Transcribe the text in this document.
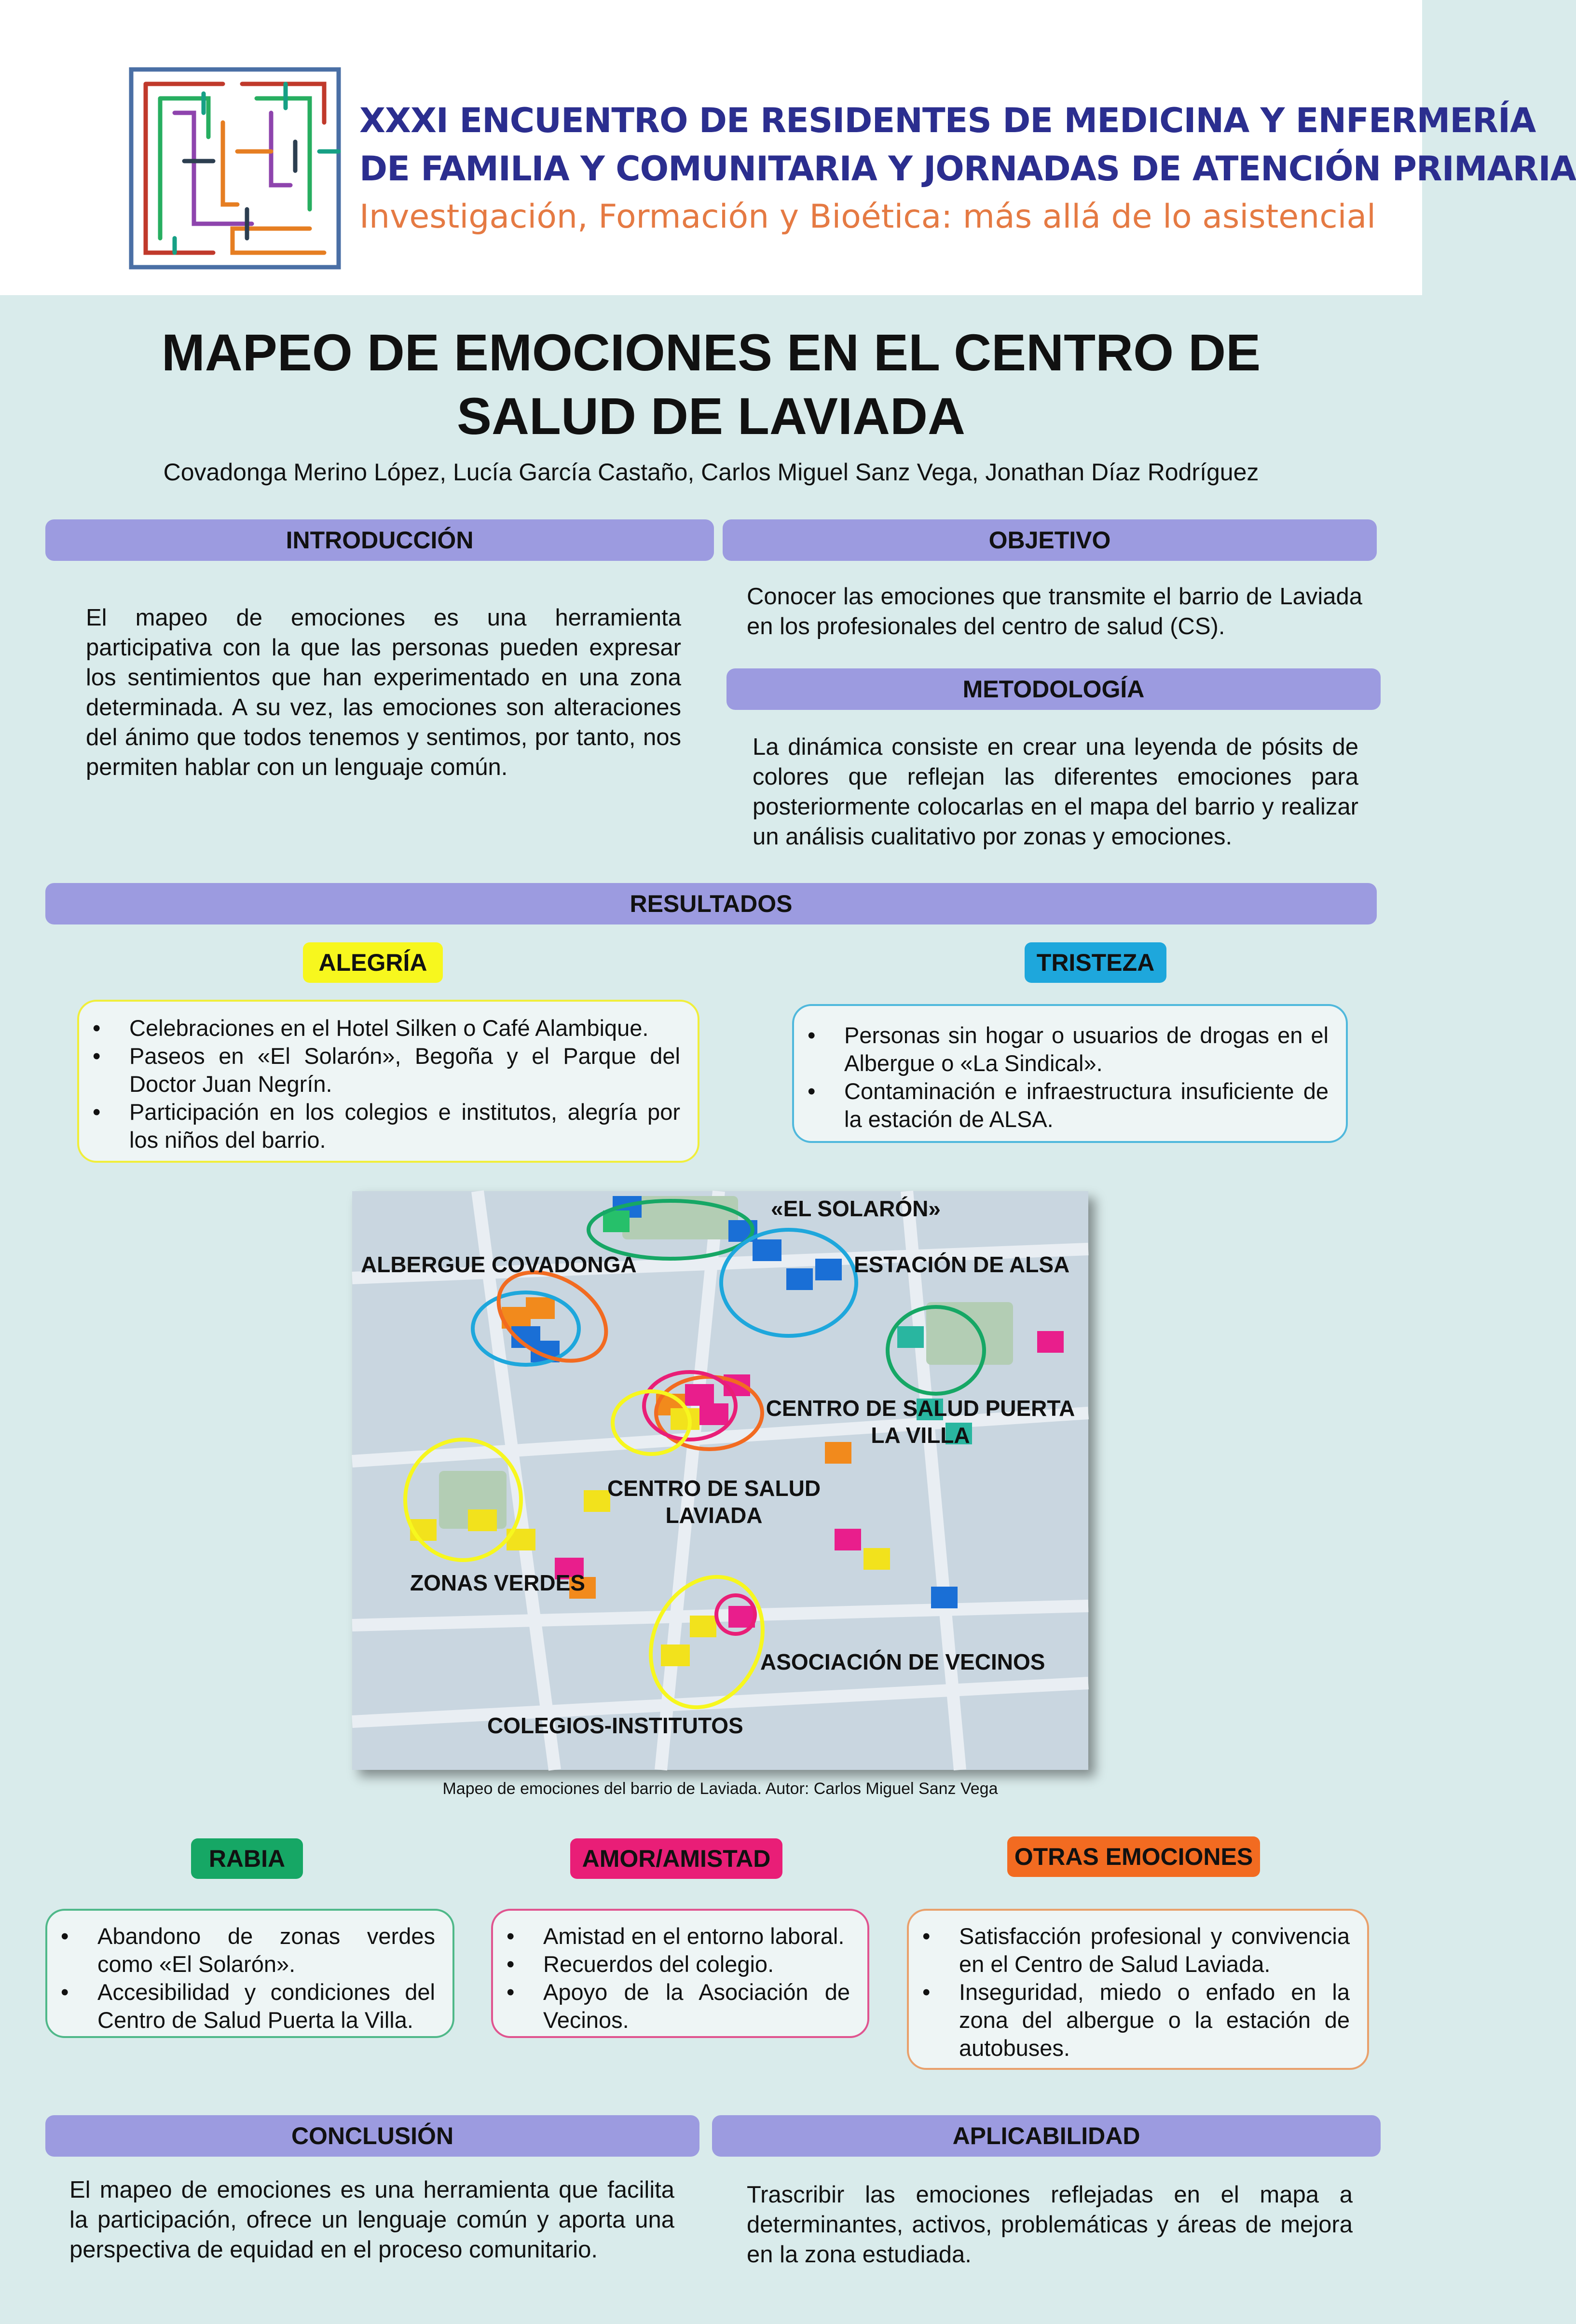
XXXI ENCUENTRO DE RESIDENTES DE MEDICINA Y ENFERMERÍA
DE FAMILIA Y COMUNITARIA Y JORNADAS DE ATENCIÓN PRIMARIA
Investigación, Formación y Bioética: más allá de lo asistencial
MAPEO DE EMOCIONES EN EL CENTRO DE
SALUD DE LAVIADA
Covadonga Merino López, Lucía García Castaño, Carlos Miguel Sanz Vega, Jonathan Díaz Rodríguez
INTRODUCCIÓN
El mapeo de emociones es una herramienta participativa con la que las personas pueden expresar los sentimientos que han experimentado en una zona determinada. A su vez, las emociones son alteraciones del ánimo que todos tenemos y sentimos, por tanto, nos permiten hablar con un lenguaje común.
OBJETIVO
Conocer las emociones que transmite el barrio de Laviada en los profesionales del centro de salud (CS).
METODOLOGÍA
La dinámica consiste en crear una leyenda de pósits de colores que reflejan las diferentes emociones para posteriormente colocarlas en el mapa del barrio y realizar un análisis cualitativo por zonas y emociones.
RESULTADOS
ALEGRÍA
• Celebraciones en el Hotel Silken o Café Alambique.
• Paseos en «El Solarón», Begoña y el Parque del Doctor Juan Negrín.
• Participación en los colegios e institutos, alegría por los niños del barrio.
TRISTEZA
• Personas sin hogar o usuarios de drogas en el Albergue o «La Sindical».
• Contaminación e infraestructura insuficiente de la estación de ALSA.
«EL SOLARÓN»
ALBERGUE COVADONGA	ESTACIÓN DE ALSA
CENTRO DE SALUD PUERTA LA VILLA
CENTRO DE SALUD LAVIADA
ZONAS VERDES
ASOCIACIÓN DE VECINOS
COLEGIOS-INSTITUTOS
Mapeo de emociones del barrio de Laviada. Autor: Carlos Miguel Sanz Vega
RABIA
• Abandono de zonas verdes como «El Solarón».
• Accesibilidad y condiciones del Centro de Salud Puerta la Villa.
AMOR/AMISTAD
• Amistad en el entorno laboral.
• Recuerdos del colegio.
• Apoyo de la Asociación de Vecinos.
OTRAS EMOCIONES
• Satisfacción profesional y convivencia en el Centro de Salud Laviada.
• Inseguridad, miedo o enfado en la zona del albergue o la estación de autobuses.
CONCLUSIÓN
El mapeo de emociones es una herramienta que facilita la participación, ofrece un lenguaje común y aporta una perspectiva de equidad en el proceso comunitario.
APLICABILIDAD
Trascribir las emociones reflejadas en el mapa a determinantes, activos, problemáticas y áreas de mejora en la zona estudiada.
